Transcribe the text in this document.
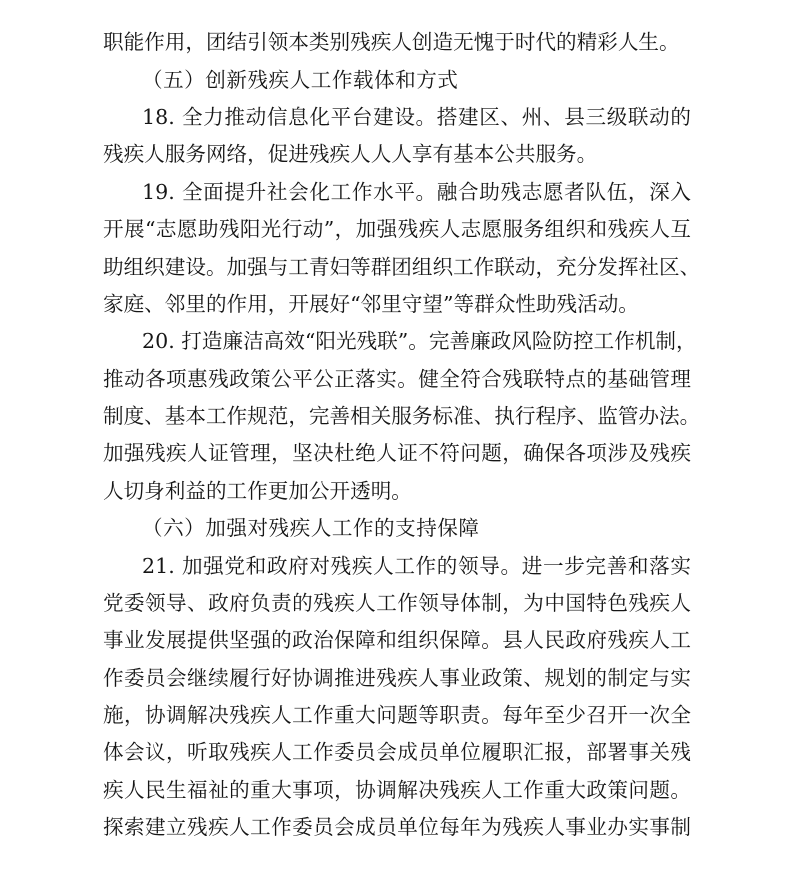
职能作用，团结引领本类别残疾人创造无愧于时代的精彩人生。
（五）创新残疾人工作载体和方式
18. 全力推动信息化平台建设。搭建区、州、县三级联动的
残疾人服务网络，促进残疾人人人享有基本公共服务。
19. 全面提升社会化工作水平。融合助残志愿者队伍，深入
开展“志愿助残阳光行动”，加强残疾人志愿服务组织和残疾人互
助组织建设。加强与工青妇等群团组织工作联动，充分发挥社区、
家庭、邻里的作用，开展好“邻里守望”等群众性助残活动。
20. 打造廉洁高效“阳光残联”。完善廉政风险防控工作机制，
推动各项惠残政策公平公正落实。健全符合残联特点的基础管理
制度、基本工作规范，完善相关服务标准、执行程序、监管办法。
加强残疾人证管理，坚决杜绝人证不符问题，确保各项涉及残疾
人切身利益的工作更加公开透明。
（六）加强对残疾人工作的支持保障
21. 加强党和政府对残疾人工作的领导。进一步完善和落实
党委领导、政府负责的残疾人工作领导体制，为中国特色残疾人
事业发展提供坚强的政治保障和组织保障。县人民政府残疾人工
作委员会继续履行好协调推进残疾人事业政策、规划的制定与实
施，协调解决残疾人工作重大问题等职责。每年至少召开一次全
体会议，听取残疾人工作委员会成员单位履职汇报，部署事关残
疾人民生福祉的重大事项，协调解决残疾人工作重大政策问题。
探索建立残疾人工作委员会成员单位每年为残疾人事业办实事制
